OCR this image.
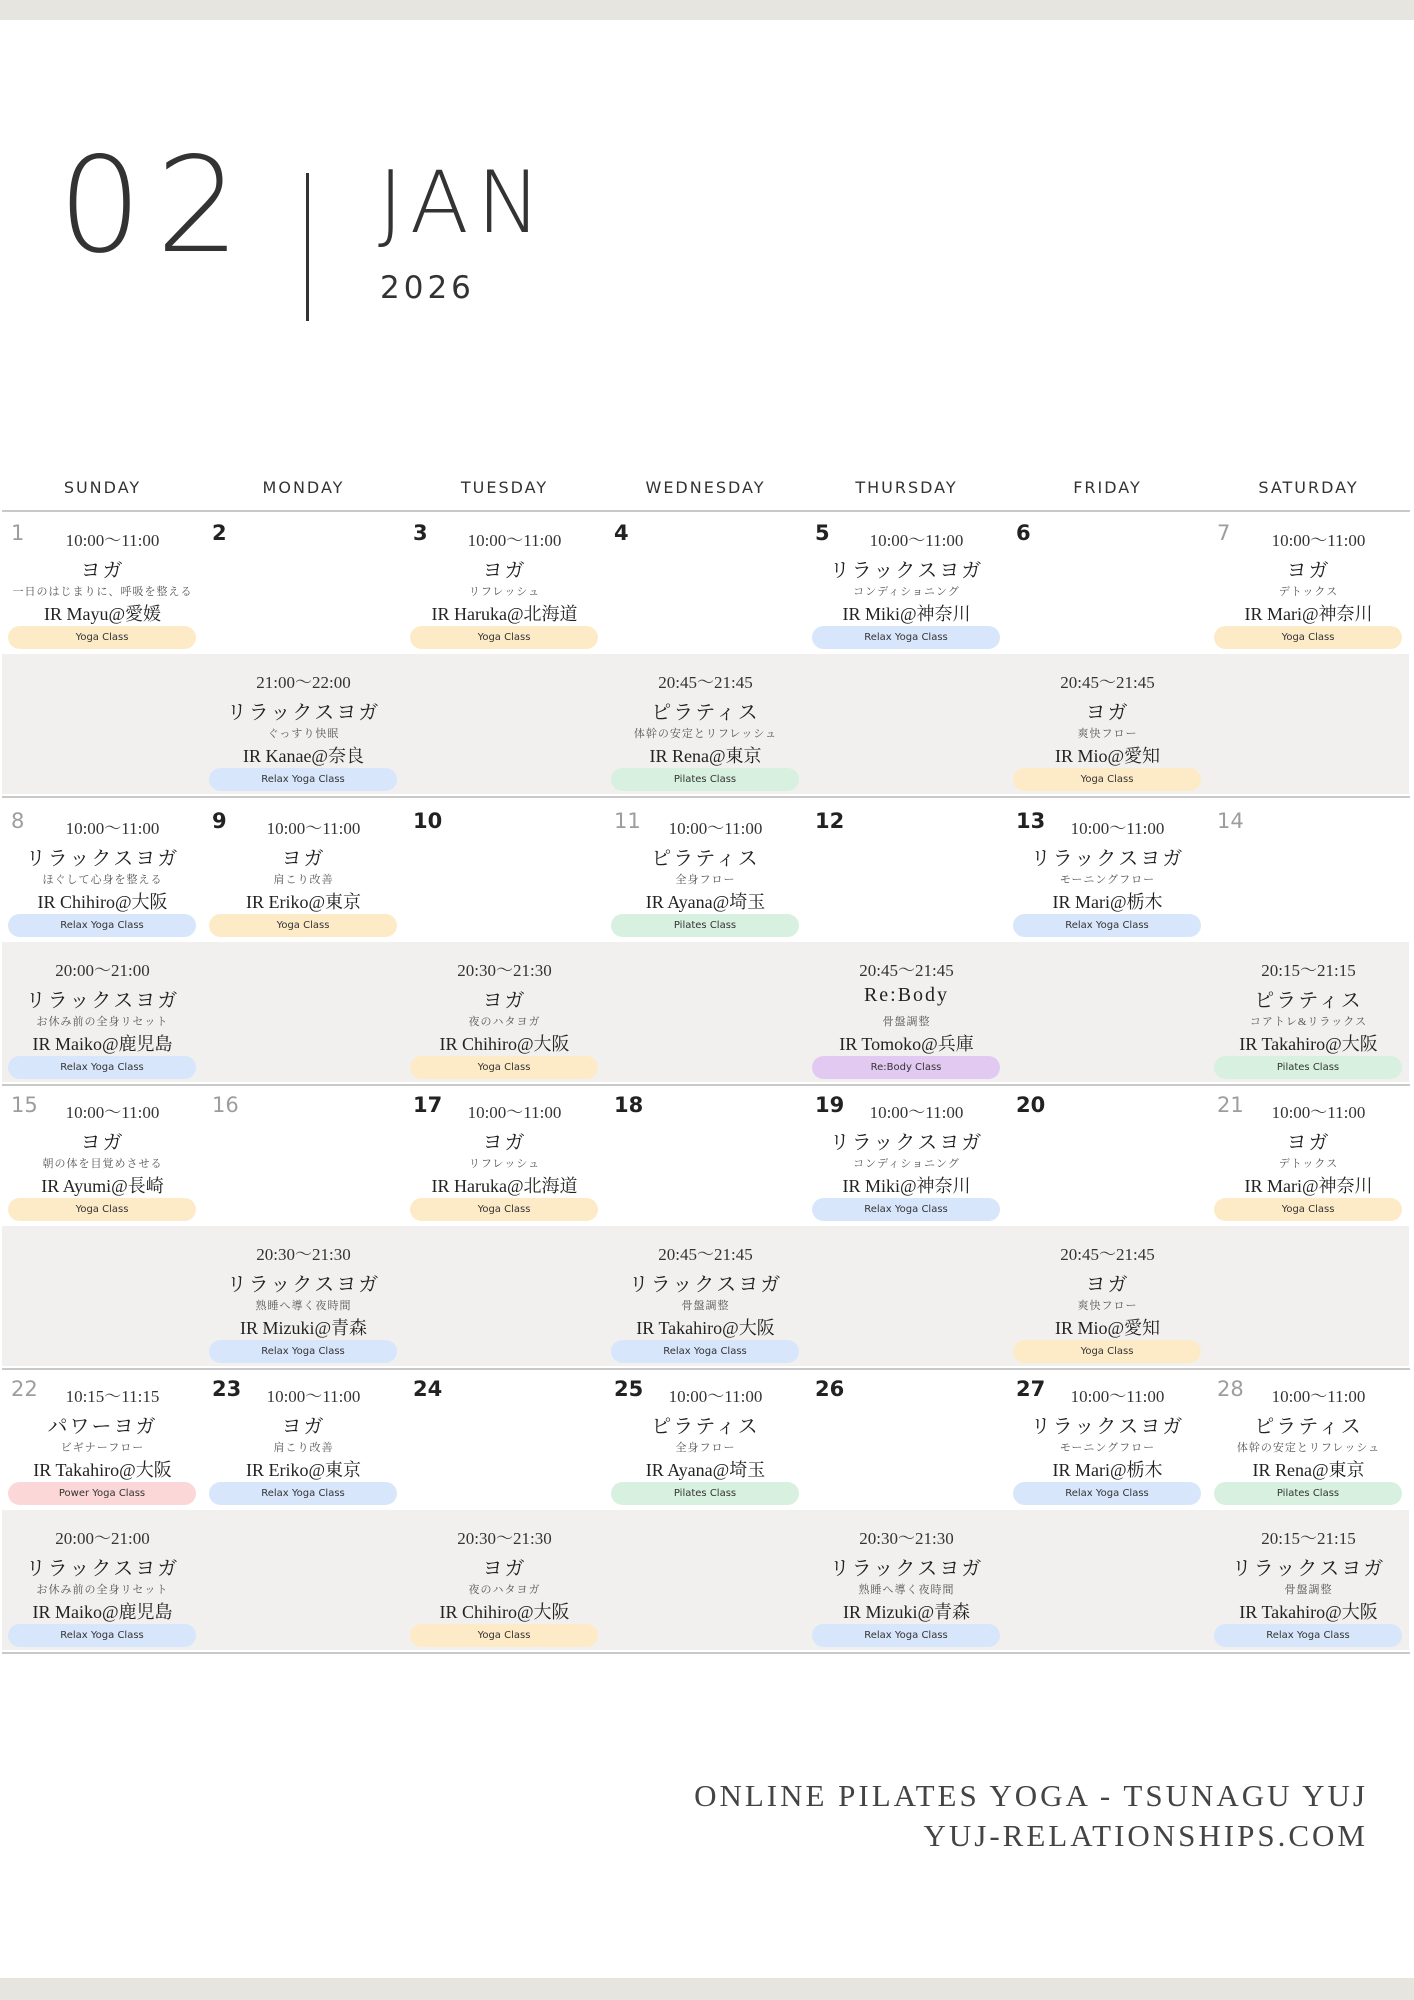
02 JAN
2026
SUNDAY	MONDAY	TUESDAY	WEDNESDAY	THURSDAY	FRIDAY	SATURDAY
1	10:00〜11:00
ヨガ
一日のはじまりに、呼吸を整える
IR Mayu@愛媛
Yoga Class
2
21:00〜22:00
リラックスヨガ
ぐっすり快眠
IR Kanae@奈良
Relax Yoga Class
3	10:00〜11:00
ヨガ
リフレッシュ
IR Haruka@北海道
Yoga Class
4
20:45〜21:45
ピラティス
体幹の安定とリフレッシュ
IR Rena@東京
Pilates Class
5	10:00〜11:00
リラックスヨガ
コンディショニング
IR Miki@神奈川
Relax Yoga Class
6
20:45〜21:45
ヨガ
爽快フロー
IR Mio@愛知
Yoga Class
7	10:00〜11:00
ヨガ
デトックス
IR Mari@神奈川
Yoga Class
8	10:00〜11:00
リラックスヨガ
ほぐして心身を整える
IR Chihiro@大阪
Relax Yoga Class
20:00〜21:00
リラックスヨガ
お休み前の全身リセット
IR Maiko@鹿児島
Relax Yoga Class
9	10:00〜11:00
ヨガ
肩こり改善
IR Eriko@東京
Yoga Class
10
20:30〜21:30
ヨガ
夜のハタヨガ
IR Chihiro@大阪
Yoga Class
11	10:00〜11:00
ピラティス
全身フロー
IR Ayana@埼玉
Pilates Class
12
20:45〜21:45
Re:Body
骨盤調整
IR Tomoko@兵庫
Re:Body Class
13	10:00〜11:00
リラックスヨガ
モーニングフロー
IR Mari@栃木
Relax Yoga Class
14
20:15〜21:15
ピラティス
コアトレ&リラックス
IR Takahiro@大阪
Pilates Class
15	10:00〜11:00
ヨガ
朝の体を目覚めさせる
IR Ayumi@長崎
Yoga Class
16
20:30〜21:30
リラックスヨガ
熟睡へ導く夜時間
IR Mizuki@青森
Relax Yoga Class
17	10:00〜11:00
ヨガ
リフレッシュ
IR Haruka@北海道
Yoga Class
18
20:45〜21:45
リラックスヨガ
骨盤調整
IR Takahiro@大阪
Relax Yoga Class
19	10:00〜11:00
リラックスヨガ
コンディショニング
IR Miki@神奈川
Relax Yoga Class
20
20:45〜21:45
ヨガ
爽快フロー
IR Mio@愛知
Yoga Class
21	10:00〜11:00
ヨガ
デトックス
IR Mari@神奈川
Yoga Class
22	10:15〜11:15
パワーヨガ
ビギナーフロー
IR Takahiro@大阪
Power Yoga Class
20:00〜21:00
リラックスヨガ
お休み前の全身リセット
IR Maiko@鹿児島
Relax Yoga Class
23	10:00〜11:00
ヨガ
肩こり改善
IR Eriko@東京
Relax Yoga Class
24
20:30〜21:30
ヨガ
夜のハタヨガ
IR Chihiro@大阪
Yoga Class
25	10:00〜11:00
ピラティス
全身フロー
IR Ayana@埼玉
Pilates Class
26
20:30〜21:30
リラックスヨガ
熟睡へ導く夜時間
IR Mizuki@青森
Relax Yoga Class
27	10:00〜11:00
リラックスヨガ
モーニングフロー
IR Mari@栃木
Relax Yoga Class
28	10:00〜11:00
ピラティス
体幹の安定とリフレッシュ
IR Rena@東京
Pilates Class
20:15〜21:15
リラックスヨガ
骨盤調整
IR Takahiro@大阪
Relax Yoga Class
ONLINE PILATES YOGA - TSUNAGU YUJ
YUJ-RELATIONSHIPS.COM
